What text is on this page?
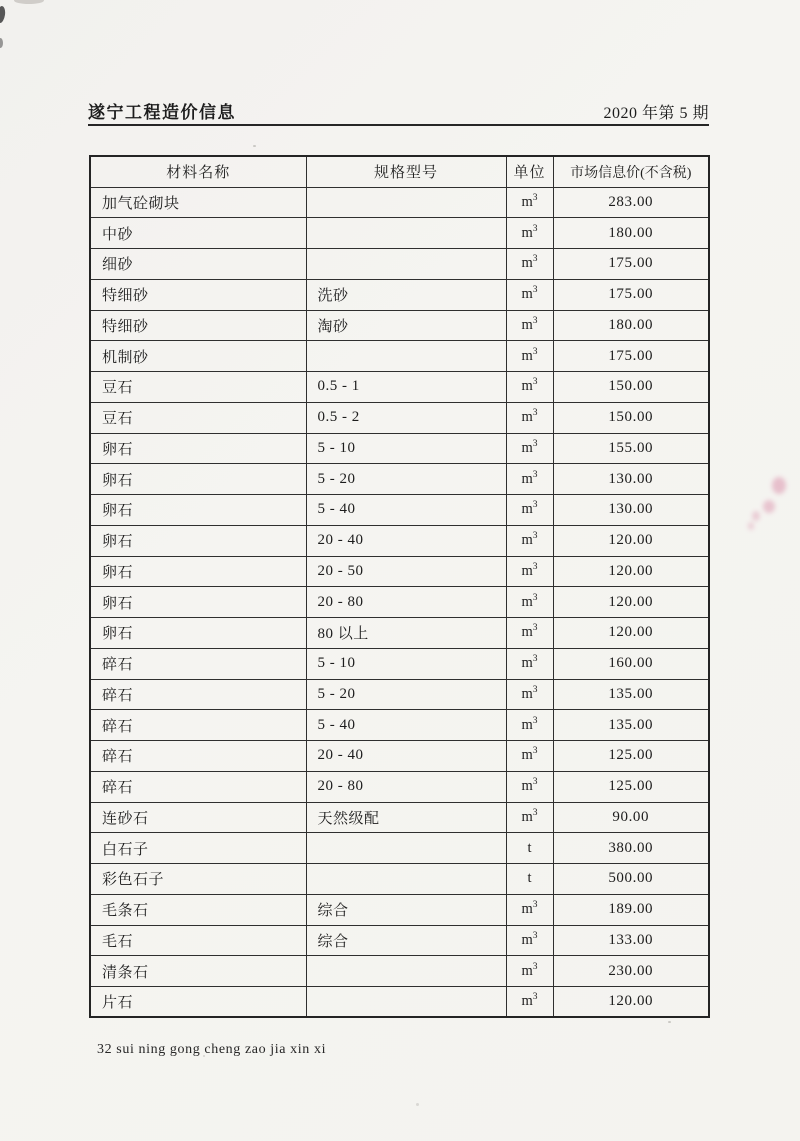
遂宁工程造价信息	2020 年第 5 期
材料名称	规格型号	单位	市场信息价(不含税)
加气砼砌块		$m^3$	283.00
中砂		$m^3$	180.00
细砂		$m^3$	175.00
特细砂	洗砂	$m^3$	175.00
特细砂	淘砂	$m^3$	180.00
机制砂		$m^3$	175.00
豆石	0.5 - 1	$m^3$	150.00
豆石	0.5 - 2	$m^3$	150.00
卵石	5 - 10	$m^3$	155.00
卵石	5 - 20	$m^3$	130.00
卵石	5 - 40	$m^3$	130.00
卵石	20 - 40	$m^3$	120.00
卵石	20 - 50	$m^3$	120.00
卵石	20 - 80	$m^3$	120.00
卵石	80 以上	$m^3$	120.00
碎石	5 - 10	$m^3$	160.00
碎石	5 - 20	$m^3$	135.00
碎石	5 - 40	$m^3$	135.00
碎石	20 - 40	$m^3$	125.00
碎石	20 - 80	$m^3$	125.00
连砂石	天然级配	$m^3$	90.00
白石子		t	380.00
彩色石子		t	500.00
毛条石	综合	$m^3$	189.00
毛石	综合	$m^3$	133.00
清条石		$m^3$	230.00
片石		$m^3$	120.00
32 sui ning gong cheng zao jia xin xi
